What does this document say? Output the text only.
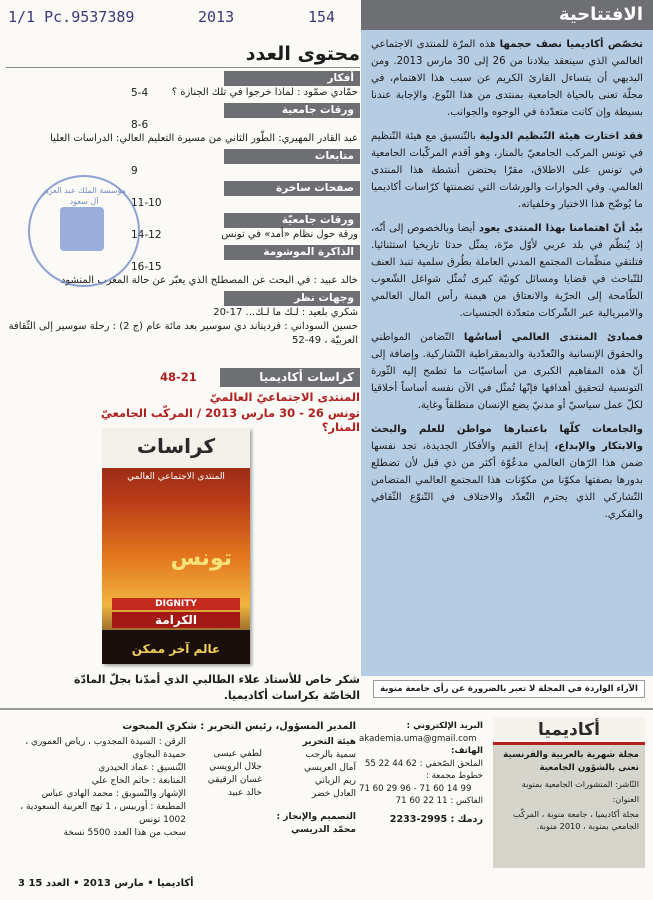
1/1 Pc.9537389	2013	154	الافتتاحية

تخصّص أكاديميا نصف حجمها هذه المرّة للمنتدى الاجتماعي العالمي الذي سينعقد ببلادنا من 26 إلى 30 مارس 2013. ومن البديهي أن يتساءل القارئ الكريم عن سبب هذا الاهتمام، في مجلّة تعنى بالحياة الجامعية بمنتدى من هذا النّوع. والإجابة عندنا بسيطة وإن كانت متعدّدة في الوجوه والجوانب.

فقد اختارت هيئة التّنظيم الدولية بالتّنسيق مع هيئة التّنظيم في تونس المركب الجامعيّ بالمنار، وهو أقدم المركّبات الجامعية في تونس على الاطلاق، مقرّا يحتضن أنشطة هذا المنتدى العالمي. وفي الحوارات والورشات التي تضمنتها كرّاسات أكاديميا ما يُوضّح هذا الاختيار وخلفياته.

بيْد أنّ اهتمامنا بهذا المنتدى يعود أيضا وبالخصوص إلى أنّه، إذ يُنظّم في بلد عربي لأوّل مرّة، يمثّل حدثا تاريخيا استثنائيا. فتلتقي منظّمات المجتمع المدني العاملة بطُرق سلمية تنبذ العنف للتّباحث في قضايا ومسائل كونيّة كبرى تُمثّل شواغل الشّعوب الطّامحة إلى الحرّية والانعتاق من هيمنة رأس المال العالمي والامبريالية عبر الشّركات متعدّدة الجنسيات.

فمبادئ المنتدى العالمي أساسُها التّضامن المواطني والحقوق الإنسانية والتّعدّدية والديمقراطية التّشاركية. وإضافة إلى أنّ هذه المفاهيم الكبرى من أساسيّات ما تطمح إليه الثّورة التونسية لتحقيق أهدافها فإنّها تُمثّل في الآن نفسه أساساً أخلاقيا لكلّ عمل سياسيّ أو مدنيّ يضع الإنسان منطلقاً وغاية.

والجامعات كلّها باعتبارها مواطن للعلم والبحث والابتكار والإبداع، إبداع القيم والأفكار الجديدة، تجد نفسها ضمن هذا الرّهان العالمي مدعُوّة أكثر من ذي قبل لأن تضطلع بدورها بصفتها مكوّنا من مكوّنات هذا المجتمع العالمي المتضامن التّشاركي الذي يحترم التّعدّد والاختلاف في التّنوّع الثّقافي والفكري.

الآراء الواردة في المجلة لا تعبر بالضرورة عن رأي جامعة منوبة
محتوى العدد
أفكار
حمّادي صمّود : لماذا خرجوا في تلك الجنازة ؟
5-4
ورقات جامعية
8-6
عبد القادر المهيري: الطّور الثاني من مسيرة التعليم العالي: الدراسات العليا
متابعات
9
صفحات ساخرة
11-10
ورقات جامعيّة
ورقة حول نظام «أمد» في تونس
14-12
الذاكرة الموشومة
16-15
خالد عبيد : في البحث عن المصطلح الذي يعبّر عن حالة المغرب المنشود
وجهات نظر
شكري بلعيد : لـك ما لـك... 17-20
حسين السوداني : فرديناند دي سوسير بعد مائة عام (ج 2) : رحلة سوسير إلى الثّقافة العربيّة ، 49-52
مؤسسة الملك عبد العزيز آل سعود
كراسات أكاديميا
48-21
المنتدى الاجتماعيّ العالميّ
تونس 26 - 30 مارس 2013 / المركّب الجامعيّ المنار؟
كراسات
المنتدى الاجتماعي العالمي
تونس
DIGNITY
الكرامة
عالم آخر ممكن
شكر خاص للأستاذ علاء الطالبي الذي أمدّنا بجلّ المادّة الخاصّة بكراسات أكاديميا.
أكاديميا
مجلة شهرية بالعربية والفرنسية تعنى بالشؤون الجامعية
النّاشر: المنشورات الجامعية بمنوبة
العنوان:
مجلة أكاديميا ، جامعة منوبة ، المركّب الجامعي بمنوبة ، 2010 منوبة.
البريد الإلكتروني :
akademia.uma@gmail.com
الهاتف:
الملحق الصّحفي : 62 44 22 55
خطوط مجمعة :
71 60 29 96 - 71 60 14 99
الفاكس : 11 22 60 71
ردمك : 2995-2233
المدير المسؤول، رئيس التحرير : شكري المبخوت
هيئة التحرير
سمية بالرجب
آمال العريسي
ريم الزياني
العادل خضر
التصميم والإنجاز : محمّد الدريسي
لطفي عيسى
جلال الرويسي
غسان الرقيقي
خالد عبيد
الرقن : السيدة المجدوب ، رياض العموري ، حميدة البجاوي
التّنسيق : عماد الحيدري
المتابعة : حاتم الحاج علي
الإشهار والتّسويق : محمد الهادي عباس
المطبعة : أوربيس ، 1 نهج العربية السعودية ، 1002 تونس
سحب من هذا العدد 5500 نسخة
3 أكاديميا • مارس 2013 • العدد 15
